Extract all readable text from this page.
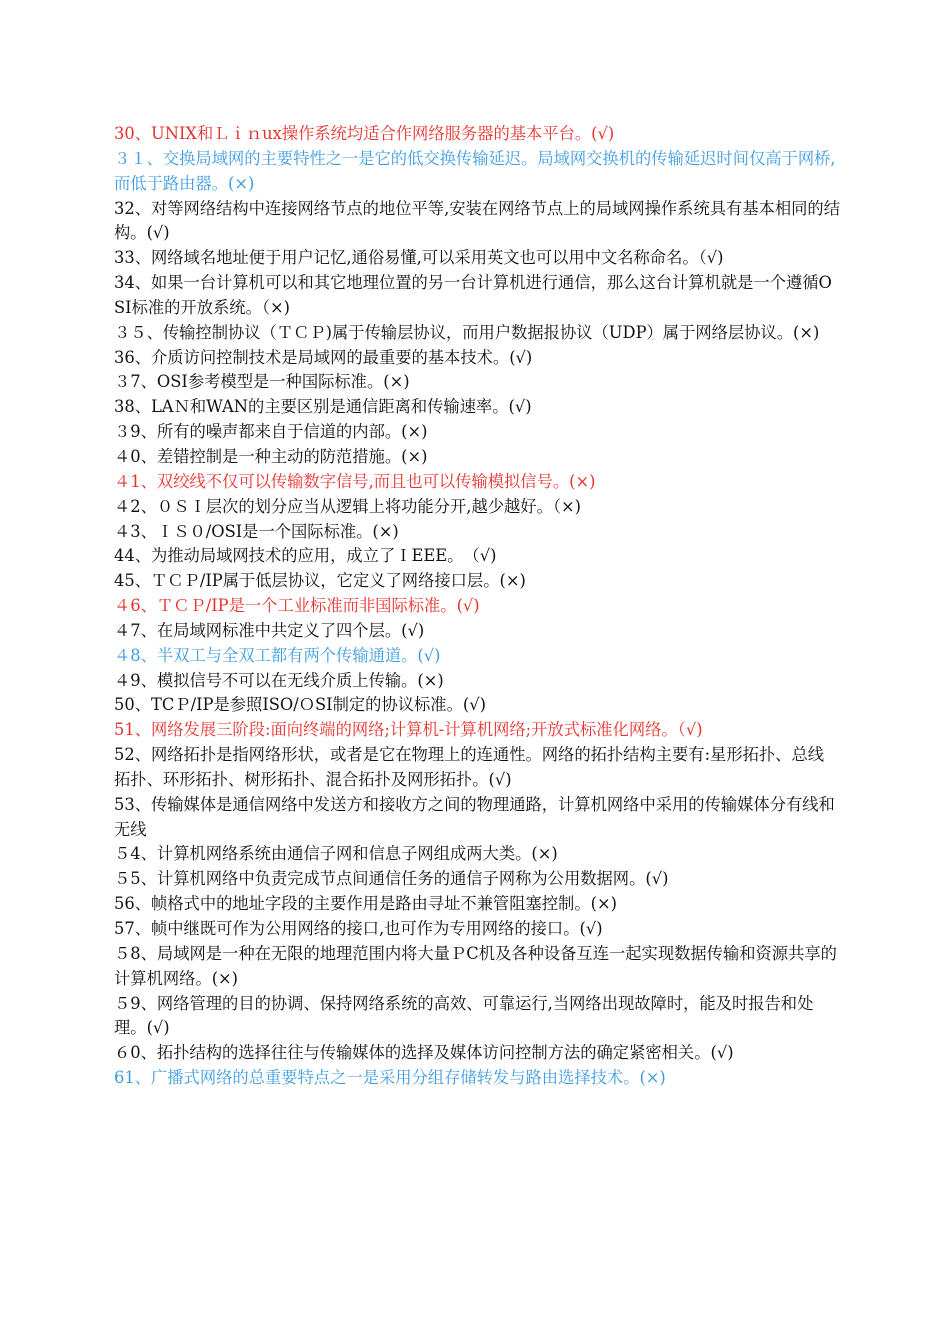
30、UNIX和Ｌｉｎux操作系统均适合作网络服务器的基本平台。(√)

３１、交换局域网的主要特性之一是它的低交换传输延迟。局域网交换机的传输延迟时间仅高于网桥,而低于路由器。(×)

32、对等网络结构中连接网络节点的地位平等,安装在网络节点上的局域网操作系统具有基本相同的结构。(√)

33、网络域名地址便于用户记忆,通俗易懂,可以采用英文也可以用中文名称命名。（√)

34、如果一台计算机可以和其它地理位置的另一台计算机进行通信，那么这台计算机就是一个遵循OSI标准的开放系统。（×)

３５、传输控制协议（ＴＣＰ)属于传输层协议，而用户数据报协议（UDP）属于网络层协议。(×)

36、介质访问控制技术是局域网的最重要的基本技术。(√)

３7、OSI参考模型是一种国际标准。(×)

38、LAＮ和WAN的主要区别是通信距离和传输速率。(√)

３9、所有的噪声都来自于信道的内部。(×)

４0、差错控制是一种主动的防范措施。(×)

４1、双绞线不仅可以传输数字信号,而且也可以传输模拟信号。(×)

４2、０ＳＩ层次的划分应当从逻辑上将功能分开,越少越好。（×)

４3、ＩＳ０/OSI是一个国际标准。(×)

44、为推动局域网技术的应用，成立了ＩEEE。　（√)

45、ＴＣＰ/IP属于低层协议，它定义了网络接口层。(×)

４6、ＴＣＰ/IP是一个工业标准而非国际标准。(√)

４7、在局域网标准中共定义了四个层。(√)

４8、半双工与全双工都有两个传输通道。(√)

４9、模拟信号不可以在无线介质上传输。(×)

50、TCＰ/IP是参照ISO/ＯSI制定的协议标准。(√)

51、网络发展三阶段:面向终端的网络;计算机-计算机网络;开放式标准化网络。（√)

52、网络拓扑是指网络形状，或者是它在物理上的连通性。网络的拓扑结构主要有:星形拓扑、总线拓扑、环形拓扑、树形拓扑、混合拓扑及网形拓扑。(√)

53、传输媒体是通信网络中发送方和接收方之间的物理通路，计算机网络中采用的传输媒体分有线和无线

５4、计算机网络系统由通信子网和信息子网组成两大类。(×)

５5、计算机网络中负责完成节点间通信任务的通信子网称为公用数据网。(√)

56、帧格式中的地址字段的主要作用是路由寻址不兼管阻塞控制。(×)

57、帧中继既可作为公用网络的接口,也可作为专用网络的接口。(√)

５8、局域网是一种在无限的地理范围内将大量ＰC机及各种设备互连一起实现数据传输和资源共享的计算机网络。(×)

５9、网络管理的目的协调、保持网络系统的高效、可靠运行,当网络出现故障时，能及时报告和处理。(√)

６0、拓扑结构的选择往往与传输媒体的选择及媒体访问控制方法的确定紧密相关。(√)

61、广播式网络的总重要特点之一是采用分组存储转发与路由选择技术。(×)
